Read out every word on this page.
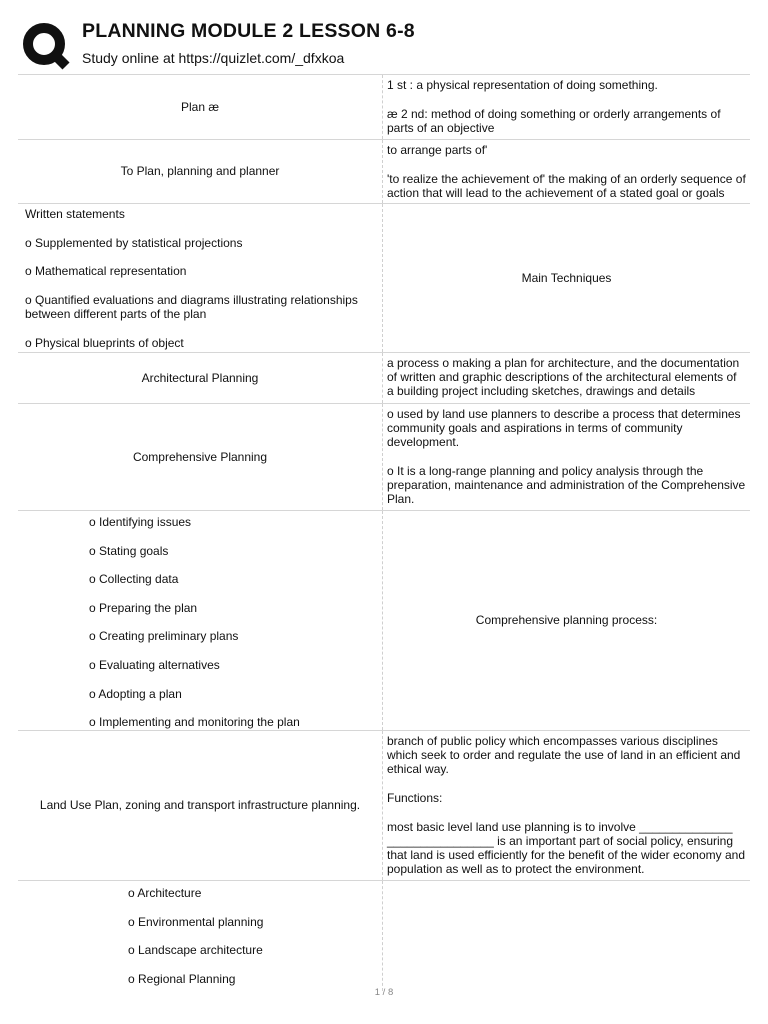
PLANNING MODULE 2 LESSON 6-8
Study online at https://quizlet.com/_dfxkoa
Plan æ

1 st : a physical representation of doing something.

æ 2 nd: method of doing something or orderly arrangements of parts of an objective

To Plan, planning and planner

to arrange parts of'

'to realize the achievement of' the making of an orderly sequence of action that will lead to the achievement of a stated goal or goals

Written statements

o Supplemented by statistical projections

o Mathematical representation

o Quantified evaluations and diagrams illustrating relationships between different parts of the plan

o Physical blueprints of object

Main Techniques
Architectural Planning

a process o making a plan for architecture, and the documentation of written and graphic descriptions of the architectural elements of a building project including sketches, drawings and details

Comprehensive Planning

o used by land use planners to describe a process that determines community goals and aspirations in terms of community development.

o It is a long-range planning and policy analysis through the preparation, maintenance and administration of the Comprehensive Plan.

o Identifying issues
o Stating goals
o Collecting data
o Preparing the plan
o Creating preliminary plans
o Evaluating alternatives
o Adopting a plan
o Implementing and monitoring the plan
Comprehensive planning process:
Land Use Plan, zoning and transport infrastructure planning.

branch of public policy which encompasses various disciplines which seek to order and regulate the use of land in an efficient and ethical way.

Functions:

most basic level land use planning is to involve ______________ ________________ is an important part of social policy, ensuring that land is used efficiently for the benefit of the wider economy and population as well as to protect the environment.

o Architecture
o Environmental planning
o Landscape architecture
o Regional Planning
1 / 8
